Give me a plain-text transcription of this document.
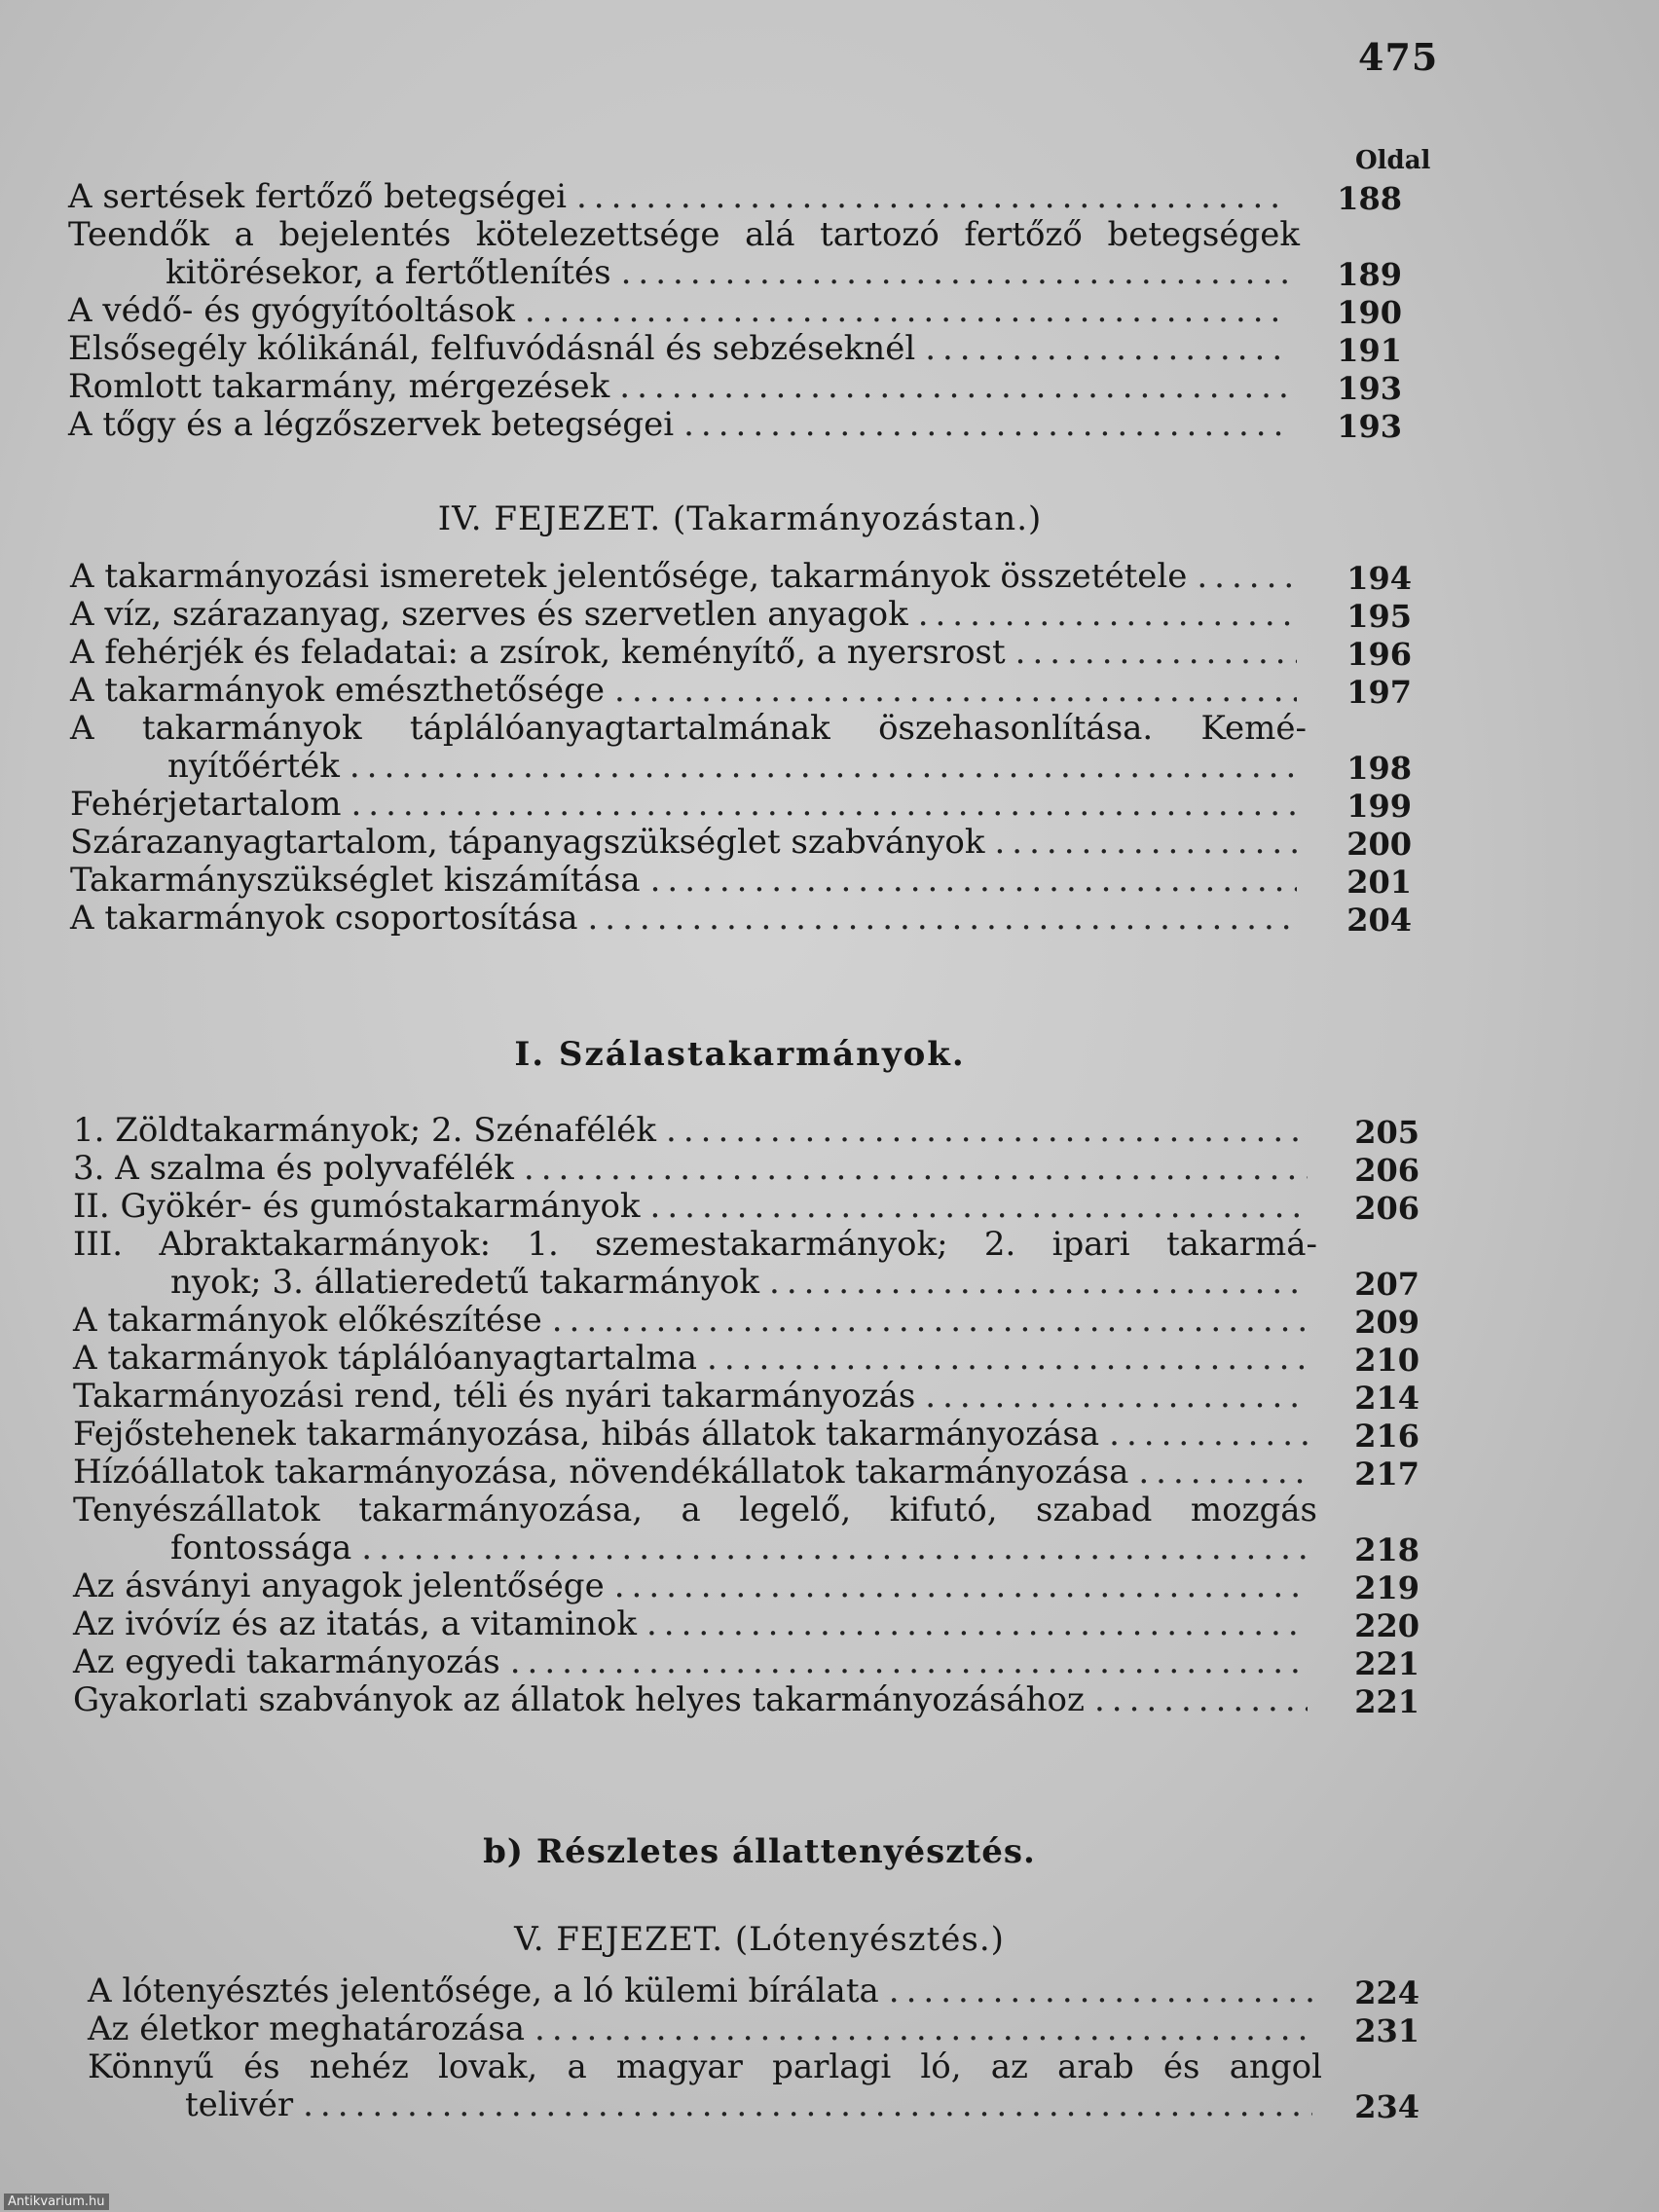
475
Oldal
IV. FEJEZET. (Takarmányozástan.)
I. Szálastakarmányok.
b) Részletes állattenyésztés.
V. FEJEZET. (Lótenyésztés.)
A sertések fertőző betegségei .....	188
Teendők a bejelentés kötelezettsége alá tartozó fertőző betegségek
kitörésekor, a fertőtlenítés .....	189
A védő- és gyógyítóoltások .....	190
Elsősegély kólikánál, felfuvódásnál és sebzéseknél .....	191
Romlott takarmány, mérgezések .....	193
A tőgy és a légzőszervek betegségei .....	193
A takarmányozási ismeretek jelentősége, takarmányok összetétele .....	194
A víz, szárazanyag, szerves és szervetlen anyagok .....	195
A fehérjék és feladatai: a zsírok, keményítő, a nyersrost .....	196
A takarmányok emészthetősége .....	197
A takarmányok táplálóanyagtartalmának öszehasonlítása. Kemé-
nyítőérték .....	198
Fehérjetartalom .....	199
Szárazanyagtartalom, tápanyagszükséglet szabványok .....	200
Takarmányszükséglet kiszámítása .....	201
A takarmányok csoportosítása .....	204
1. Zöldtakarmányok; 2. Szénafélék .....	205
3. A szalma és polyvafélék .....	206
II. Gyökér- és gumóstakarmányok .....	206
III. Abraktakarmányok: 1. szemestakarmányok; 2. ipari takarmá-
nyok; 3. állatieredetű takarmányok .....	207
A takarmányok előkészítése .....	209
A takarmányok táplálóanyagtartalma .....	210
Takarmányozási rend, téli és nyári takarmányozás .....	214
Fejőstehenek takarmányozása, hibás állatok takarmányozása .....	216
Hízóállatok takarmányozása, növendékállatok takarmányozása .....	217
Tenyészállatok takarmányozása, a legelő, kifutó, szabad mozgás
fontossága .....	218
Az ásványi anyagok jelentősége .....	219
Az ivóvíz és az itatás, a vitaminok .....	220
Az egyedi takarmányozás .....	221
Gyakorlati szabványok az állatok helyes takarmányozásához .....	221
A lótenyésztés jelentősége, a ló külemi bírálata .....	224
Az életkor meghatározása .....	231
Könnyű és nehéz lovak, a magyar parlagi ló, az arab és angol
telivér .....	234
Antikvarium.hu
